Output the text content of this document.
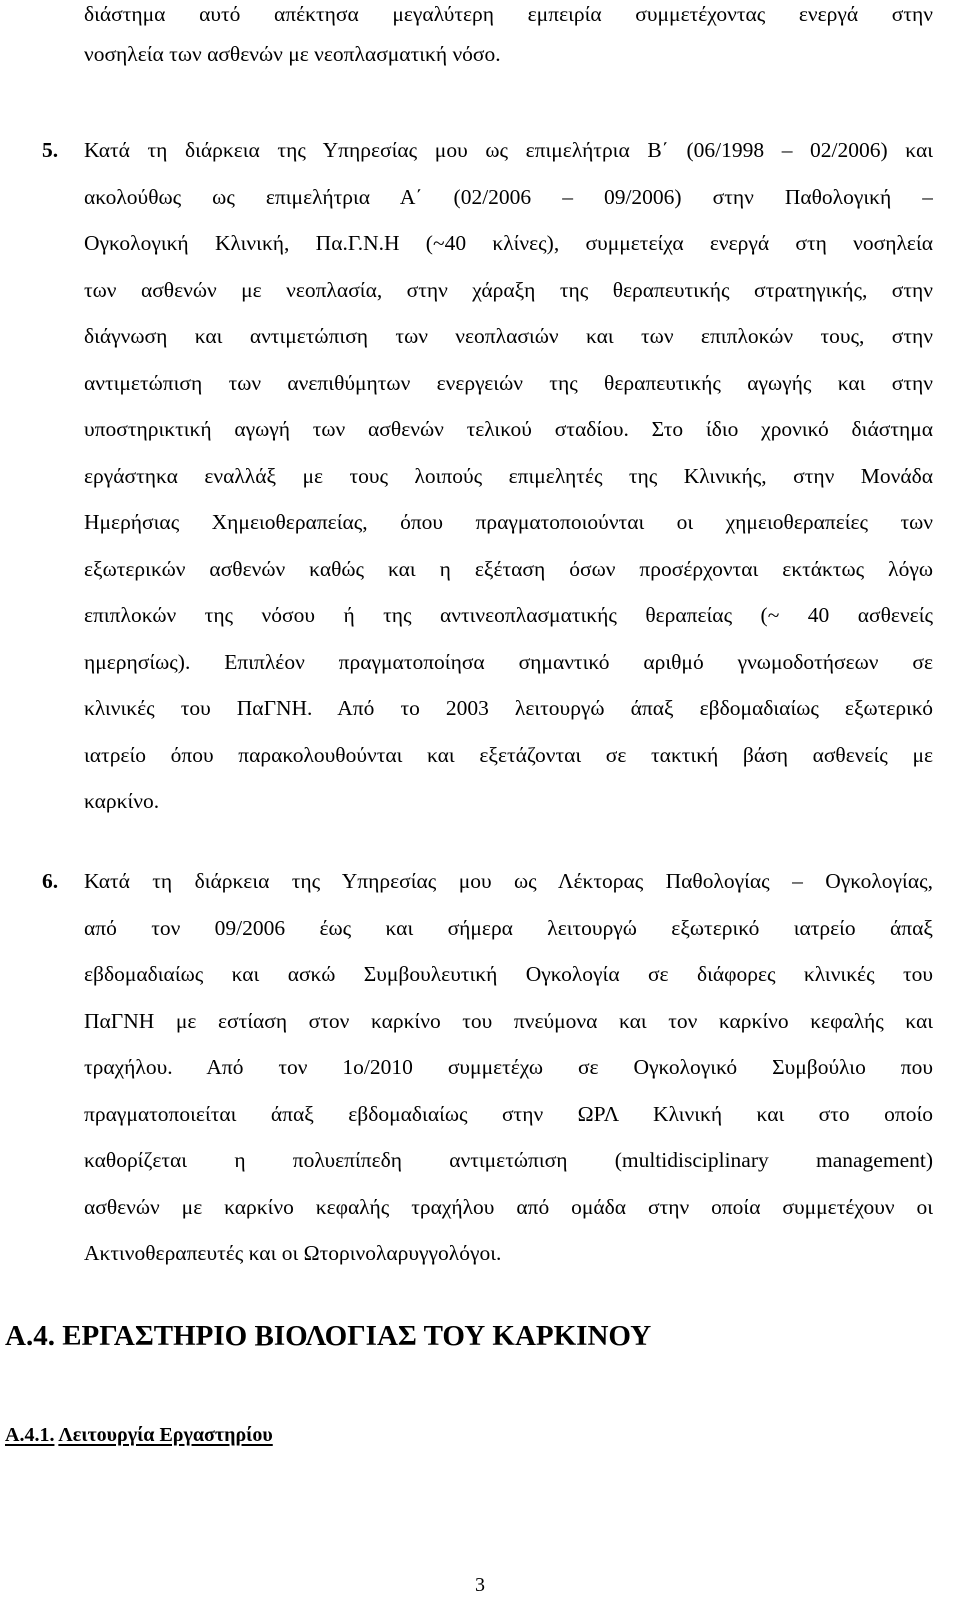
διάστημα αυτό απέκτησα μεγαλύτερη εμπειρία συμμετέχοντας ενεργά στην
νοσηλεία των ασθενών με νεοπλασματική νόσο.
5.	Κατά τη διάρκεια της Υπηρεσίας μου ως επιμελήτρια Β΄ (06/1998 – 02/2006) και
ακολούθως ως επιμελήτρια Α΄ (02/2006 – 09/2006) στην Παθολογική –
Ογκολογική Κλινική, Πα.Γ.Ν.Η (~40 κλίνες), συμμετείχα ενεργά στη νοσηλεία
των ασθενών με νεοπλασία, στην χάραξη της θεραπευτικής στρατηγικής, στην
διάγνωση και αντιμετώπιση των νεοπλασιών και των επιπλοκών τους, στην
αντιμετώπιση των ανεπιθύμητων ενεργειών της θεραπευτικής αγωγής και στην
υποστηρικτική αγωγή των ασθενών τελικού σταδίου. Στο ίδιο χρονικό διάστημα
εργάστηκα εναλλάξ με τους λοιπούς επιμελητές της Κλινικής, στην Μονάδα
Ημερήσιας Χημειοθεραπείας, όπου πραγματοποιούνται οι χημειοθεραπείες των
εξωτερικών ασθενών καθώς και η εξέταση όσων προσέρχονται εκτάκτως λόγω
επιπλοκών της νόσου ή της αντινεοπλασματικής θεραπείας (~ 40 ασθενείς
ημερησίως). Επιπλέον πραγματοποίησα σημαντικό αριθμό γνωμοδοτήσεων σε
κλινικές του ΠαΓΝΗ. Από το 2003 λειτουργώ άπαξ εβδομαδιαίως εξωτερικό
ιατρείο όπου παρακολουθούνται και εξετάζονται σε τακτική βάση ασθενείς με
καρκίνο.
6.	Κατά τη διάρκεια της Υπηρεσίας μου ως Λέκτορας Παθολογίας – Ογκολογίας,
από τον 09/2006 έως και σήμερα λειτουργώ εξωτερικό ιατρείο άπαξ
εβδομαδιαίως και ασκώ Συμβουλευτική Ογκολογία σε διάφορες κλινικές του
ΠαΓΝΗ με εστίαση στον καρκίνο του πνεύμονα και τον καρκίνο κεφαλής και
τραχήλου. Από τον 1ο/2010 συμμετέχω σε Ογκολογικό Συμβούλιο που
πραγματοποιείται άπαξ εβδομαδιαίως στην ΩΡΛ Κλινική και στο οποίο
καθορίζεται η πολυεπίπεδη αντιμετώπιση (multidisciplinary management)
ασθενών με καρκίνο κεφαλής τραχήλου από ομάδα στην οποία συμμετέχουν οι
Ακτινοθεραπευτές και οι Ωτορινολαρυγγολόγοι.
Α.4. ΕΡΓΑΣΤΗΡΙΟ ΒΙΟΛΟΓΙΑΣ ΤΟΥ ΚΑΡΚΙΝΟΥ
Α.4.1. Λειτουργία Εργαστηρίου
3
